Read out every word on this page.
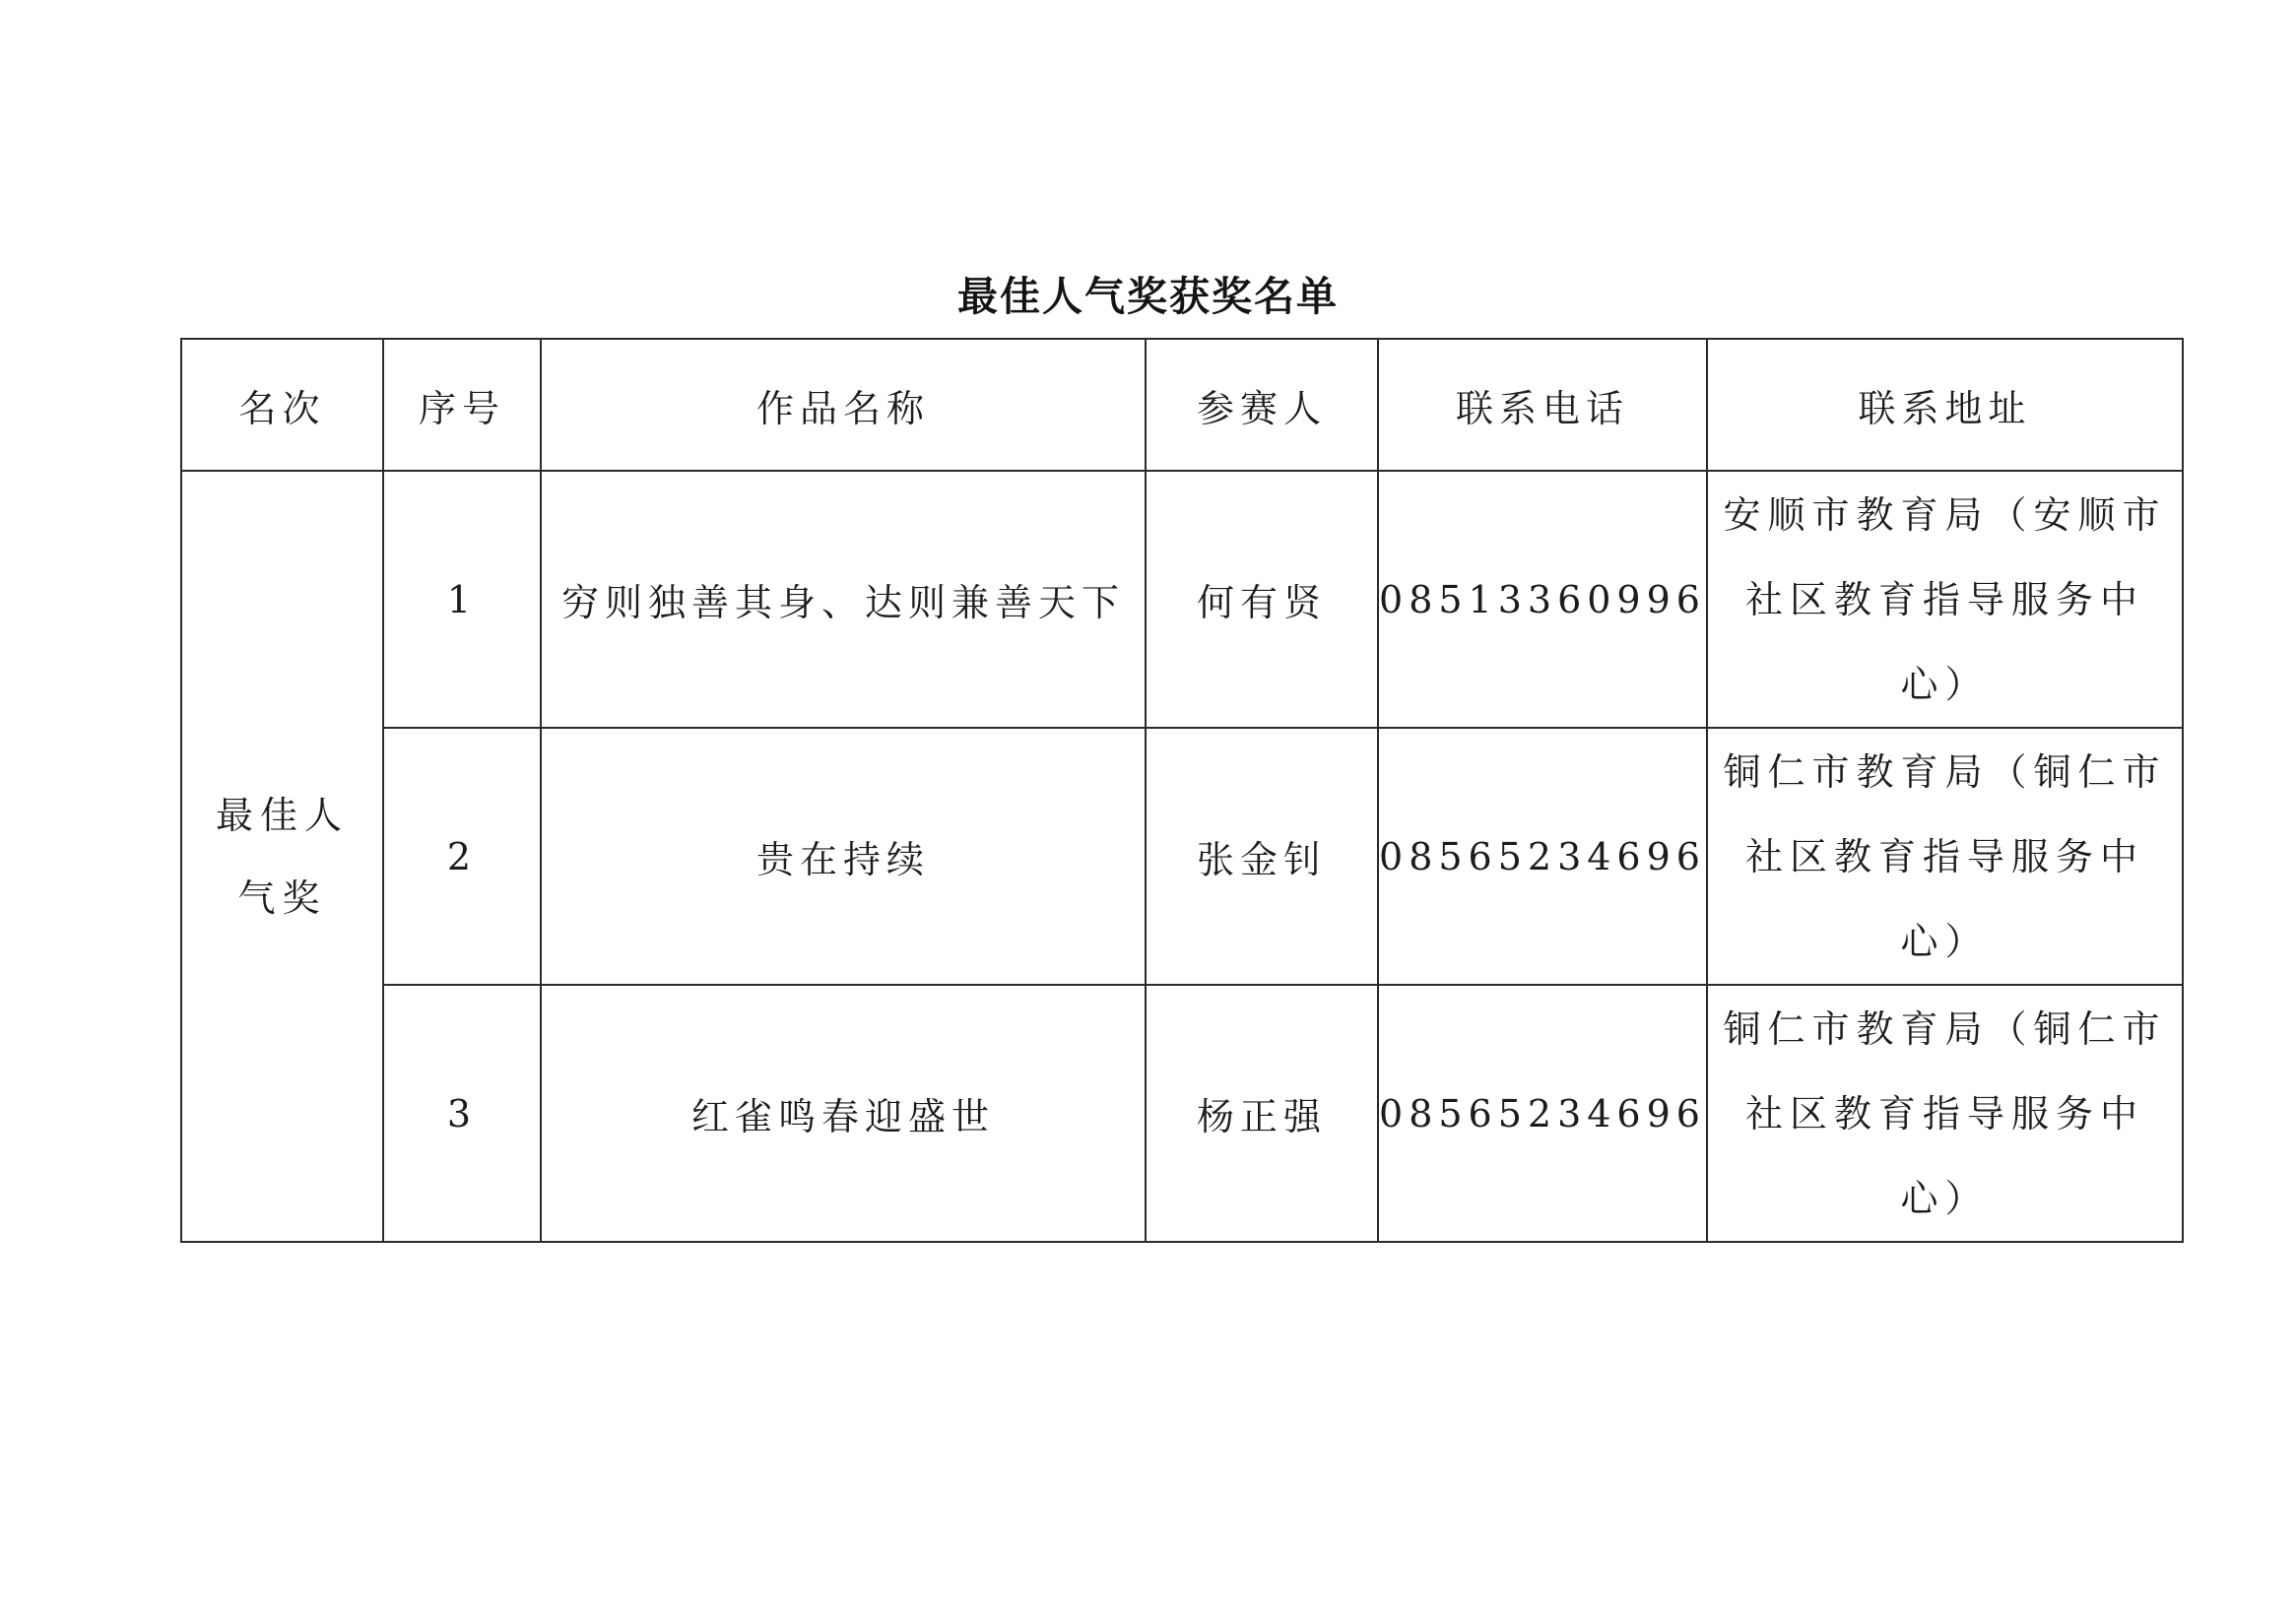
最佳人气奖获奖名单
名次	序号	作品名称	参赛人	联系电话	联系地址

最佳人气奖	1	穷则独善其身、达则兼善天下	何有贤	08513360996	安顺市教育局（安顺市
社区教育指导服务中
心）

	2	贵在持续	张金钊	08565234696	铜仁市教育局（铜仁市
社区教育指导服务中
心）

	3	红雀鸣春迎盛世	杨正强	08565234696	铜仁市教育局（铜仁市
社区教育指导服务中
心）
